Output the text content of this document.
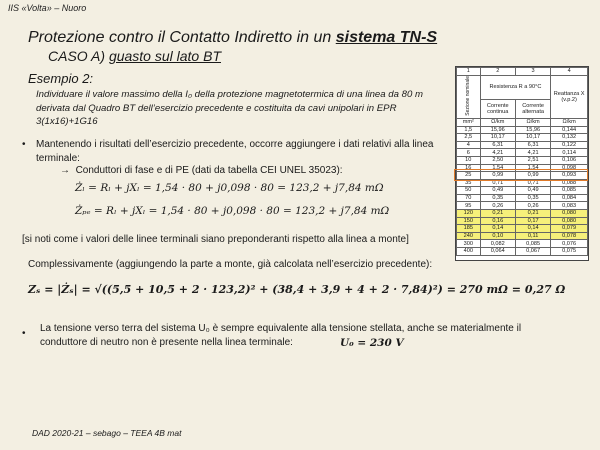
IIS «Volta» – Nuoro
Protezione contro il Contatto Indiretto in un sistema TN-S
CASO A) guasto sul lato BT
Esempio 2:
Individuare il valore massimo della I₀ della protezione magnetotermica di una linea da 80 m derivata dal Quadro BT dell’esercizio precedente e costituita da cavi unipolari in EPR 3(1x16)+1G16
• Mantenendo i risultati dell’esercizio precedente, occorre aggiungere i dati relativi alla linea terminale:
→ Conduttori di fase e di PE (dati da tabella CEI UNEL 35023):
Żₗ = Rₗ + jXₗ = 1,54 · 80 + j0,098 · 80 = 123,2 + j7,84 mΩ
Żₚₑ = Rₗ + jXₗ = 1,54 · 80 + j0,098 · 80 = 123,2 + j7,84 mΩ
[si noti come i valori delle linee terminali siano preponderanti rispetto alla linea a monte]
Complessivamente (aggiungendo la parte a monte, già calcolata nell’esercizio precedente):
Zₛ = |Żₛ| = √((5,5 + 10,5 + 2 · 123,2)² + (38,4 + 3,9 + 4 + 2 · 7,84)²) = 270 mΩ = 0,27 Ω
• La tensione verso terra del sistema U₀ è sempre equivalente alla tensione stellata, anche se materialmente il
conduttore di neutro non è presente nella linea terminale:	U₀ = 230 V
DAD 2020-21 – sebago – TEEA 4B mat
1	2	3	4
Sezione nominale	Resistenza R a 90°C		Reattanza X (v.p.2)
	Corrente continua	Corrente alternata	
mm²	Ω/km	Ω/km	Ω/km
1,5	15,96	15,96	0,144
2,5	10,17	10,17	0,132
4	6,31	6,31	0,122
6	4,21	4,21	0,114
10	2,50	2,51	0,106
16	1,54	1,54	0,098
25	0,99	0,99	0,093
35	0,71	0,71	0,088
50	0,49	0,49	0,085
70	0,35	0,35	0,084
95	0,26	0,26	0,083
120	0,21	0,21	0,080
150	0,16	0,17	0,080
185	0,14	0,14	0,079
240	0,10	0,11	0,078
300	0,082	0,085	0,076
400	0,064	0,067	0,075
